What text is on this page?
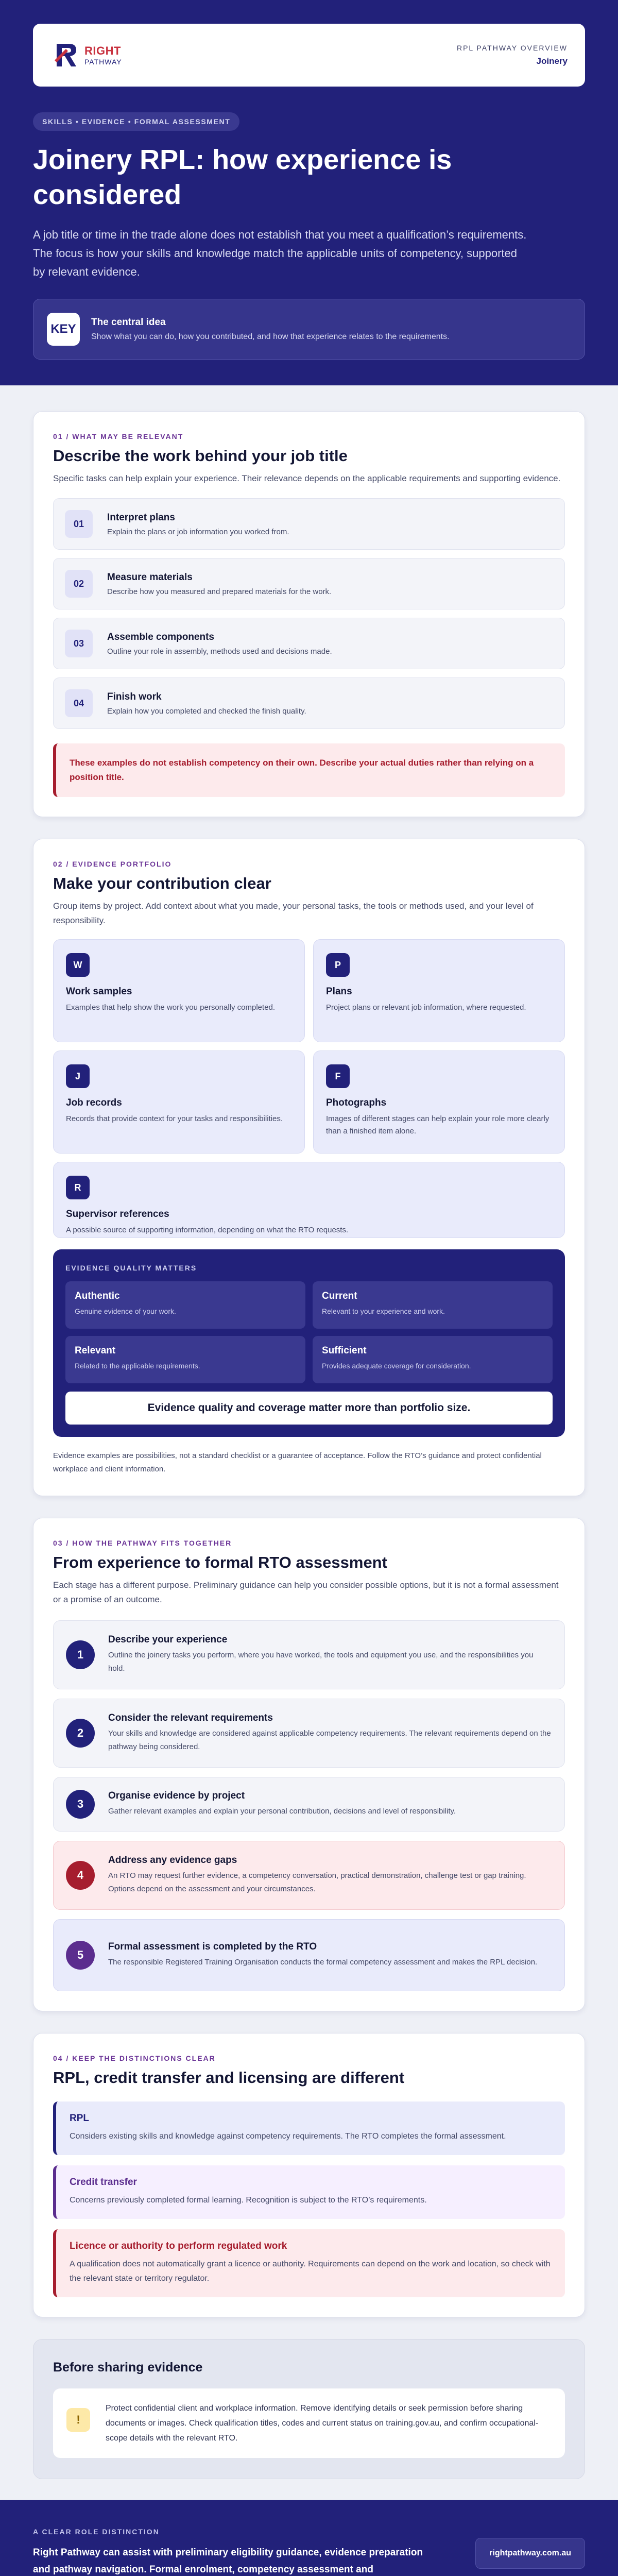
RIGHT
PATHWAY
RPL PATHWAY OVERVIEW
Joinery
SKILLS • EVIDENCE • FORMAL ASSESSMENT
Joinery RPL: how experience is considered

A job title or time in the trade alone does not establish that you meet a qualification’s requirements. The focus is how your skills and knowledge match the applicable units of competency, supported by relevant evidence.

KEY	The central idea
Show what you can do, how you contributed, and how that experience relates to the requirements.
01 / WHAT MAY BE RELEVANT
Describe the work behind your job title

Specific tasks can help explain your experience. Their relevance depends on the applicable requirements and supporting evidence.

01
Interpret plans
Explain the plans or job information you worked from.
02
Measure materials
Describe how you measured and prepared materials for the work.
03
Assemble components
Outline your role in assembly, methods used and decisions made.
04
Finish work
Explain how you completed and checked the finish quality.
These examples do not establish competency on their own. Describe your actual duties rather than relying on a position title.
02 / EVIDENCE PORTFOLIO
Make your contribution clear

Group items by project. Add context about what you made, your personal tasks, the tools or methods used, and your level of responsibility.

W
Work samples
Examples that help show the work you personally completed.
P
Plans
Project plans or relevant job information, where requested.
J
Job records
Records that provide context for your tasks and responsibilities.
F
Photographs
Images of different stages can help explain your role more clearly than a finished item alone.
R
Supervisor references
A possible source of supporting information, depending on what the RTO requests.
EVIDENCE QUALITY MATTERS
Authentic
Genuine evidence of your work.
Current
Relevant to your experience and work.
Relevant
Related to the applicable requirements.
Sufficient
Provides adequate coverage for consideration.
Evidence quality and coverage matter more than portfolio size.

Evidence examples are possibilities, not a standard checklist or a guarantee of acceptance. Follow the RTO’s guidance and protect confidential workplace and client information.

03 / HOW THE PATHWAY FITS TOGETHER
From experience to formal RTO assessment

Each stage has a different purpose. Preliminary guidance can help you consider possible options, but it is not a formal assessment or a promise of an outcome.

1
Describe your experience
Outline the joinery tasks you perform, where you have worked, the tools and equipment you use, and the responsibilities you hold.
2
Consider the relevant requirements
Your skills and knowledge are considered against applicable competency requirements. The relevant requirements depend on the pathway being considered.
3
Organise evidence by project
Gather relevant examples and explain your personal contribution, decisions and level of responsibility.
4
Address any evidence gaps
An RTO may request further evidence, a competency conversation, practical demonstration, challenge test or gap training. Options depend on the assessment and your circumstances.
5
Formal assessment is completed by the RTO
The responsible Registered Training Organisation conducts the formal competency assessment and makes the RPL decision.
04 / KEEP THE DISTINCTIONS CLEAR
RPL, credit transfer and licensing are different
RPL
Considers existing skills and knowledge against competency requirements. The RTO completes the formal assessment.
Credit transfer
Concerns previously completed formal learning. Recognition is subject to the RTO’s requirements.
Licence or authority to perform regulated work
A qualification does not automatically grant a licence or authority. Requirements can depend on the work and location, so check with the relevant state or territory regulator.
Before sharing evidence
!

Protect confidential client and workplace information. Remove identifying details or seek permission before sharing documents or images. Check qualification titles, codes and current status on training.gov.au, and confirm occupational-scope details with the relevant RTO.

A CLEAR ROLE DISTINCTION

Right Pathway can assist with preliminary eligibility guidance, evidence preparation and pathway navigation. Formal enrolment, competency assessment and

rightpathway.com.au
